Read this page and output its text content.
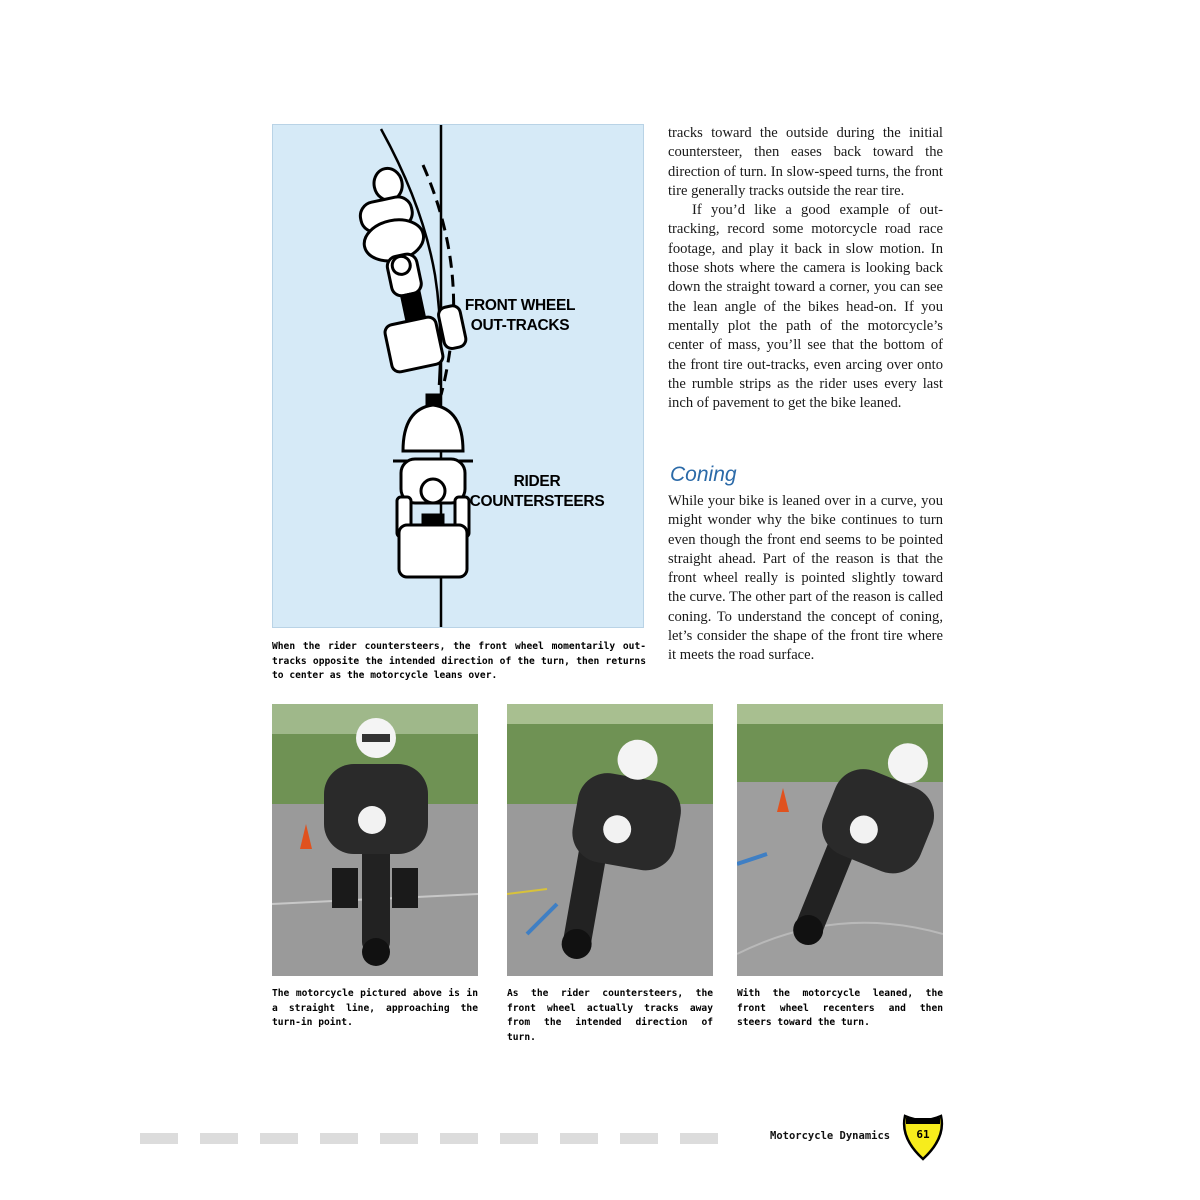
FRONT WHEEL
OUT-TRACKS
RIDER
COUNTERSTEERS
When the rider countersteers, the front wheel momentarily out-tracks opposite the intended direction of the turn, then returns to center as the motorcycle leans over.

tracks toward the outside during the initial countersteer, then eases back toward the direction of turn. In slow-speed turns, the front tire generally tracks outside the rear tire.

If you’d like a good example of out-tracking, record some motorcycle road race footage, and play it back in slow motion. In those shots where the camera is looking back down the straight toward a corner, you can see the lean angle of the bikes head-on. If you mentally plot the path of the motorcycle’s center of mass, you’ll see that the bottom of the front tire out-tracks, even arcing over onto the rumble strips as the rider uses every last inch of pavement to get the bike leaned.

Coning

While your bike is leaned over in a curve, you might wonder why the bike continues to turn even though the front end seems to be pointed straight ahead. Part of the reason is that the front wheel really is pointed slightly toward the curve. The other part of the reason is called coning. To understand the concept of coning, let’s consider the shape of the front tire where it meets the road surface.

The motorcycle pictured above is in a straight line, approaching the turn-in point.
As the rider countersteers, the front wheel actually tracks away from the intended direction of turn.
With the motorcycle leaned, the front wheel recenters and then steers toward the turn.
Motorcycle Dynamics	61
